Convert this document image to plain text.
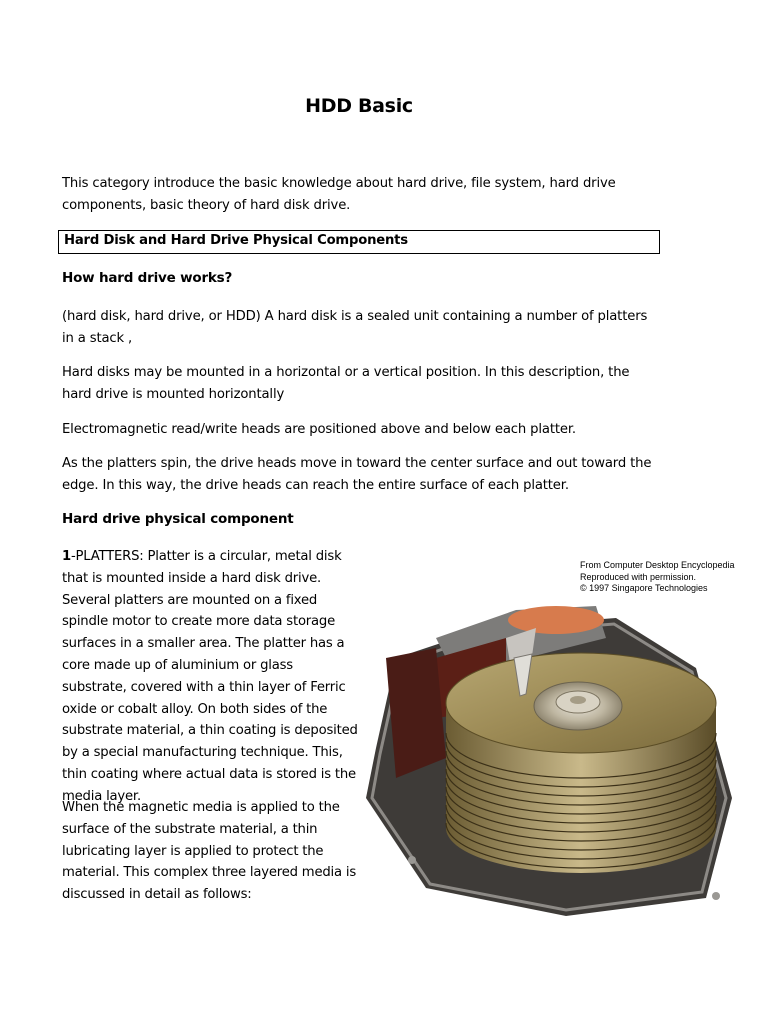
HDD Basic
This category introduce the basic knowledge about hard drive, file system, hard drive components, basic theory of hard disk drive.
Hard Disk and Hard Drive Physical Components
How hard drive works?
(hard disk, hard drive, or HDD) A hard disk is a sealed unit containing a number of platters in a stack ,
Hard disks may be mounted in a horizontal or a vertical position. In this description, the hard drive is mounted horizontally
Electromagnetic read/write heads are positioned above and below each platter.
As the platters spin, the drive heads move in toward the center surface and out toward the edge. In this way, the drive heads can reach the entire surface of each platter.
Hard drive physical component
1-PLATTERS: Platter is a circular, metal disk that is mounted inside a hard disk drive. Several platters are mounted on a fixed spindle motor to create more data storage surfaces in a smaller area. The platter has a core made up of aluminium or glass substrate, covered with a thin layer of Ferric oxide or cobalt alloy. On both sides of the substrate material, a thin coating is deposited by a special manufacturing technique. This, thin coating where actual data is stored is the media layer.
When the magnetic media is applied to the surface of the substrate material, a thin lubricating layer is applied to protect the material. This complex three layered media is discussed in detail as follows:
From Computer Desktop Encyclopedia
Reproduced with permission.
© 1997 Singapore Technologies
